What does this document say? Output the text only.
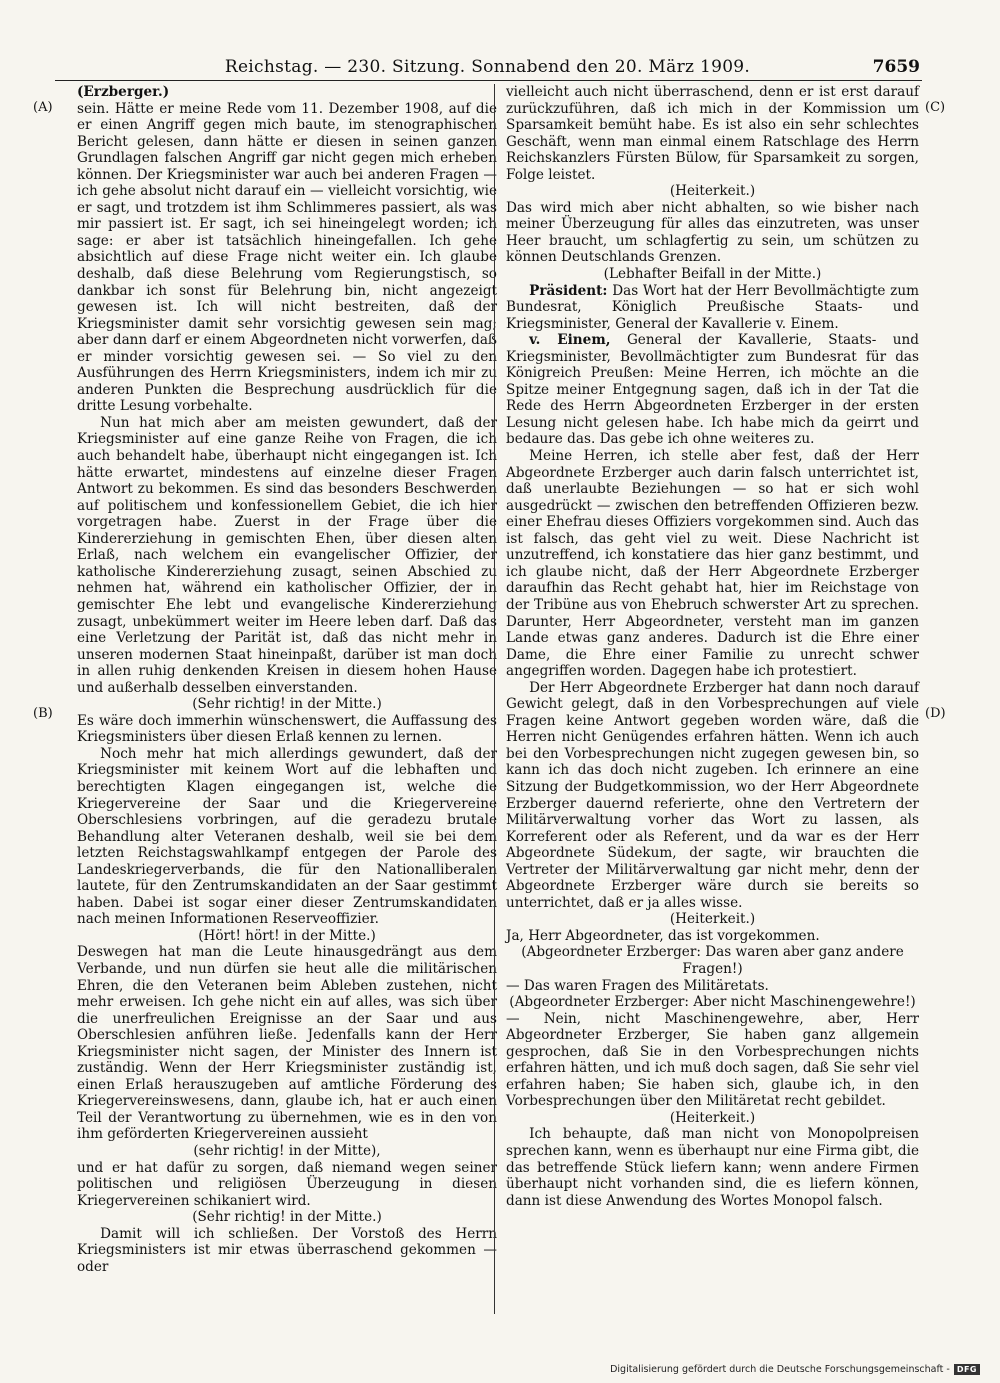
Reichstag. — 230. Sitzung. Sonnabend den 20. März 1909.	7659
(A)
(B)
(C)
(D)

(Erzberger.)

sein. Hätte er meine Rede vom 11. Dezember 1908, auf die er einen Angriff gegen mich baute, im stenographischen Bericht gelesen, dann hätte er diesen in seinen ganzen Grundlagen falschen Angriff gar nicht gegen mich erheben können. Der Kriegsminister war auch bei anderen Fragen — ich gehe absolut nicht darauf ein — vielleicht vorsichtig, wie er sagt, und trotzdem ist ihm Schlimmeres passiert, als was mir passiert ist. Er sagt, ich sei hineingelegt worden; ich sage: er aber ist tatsächlich hineingefallen. Ich gehe absichtlich auf diese Frage nicht weiter ein. Ich glaube deshalb, daß diese Belehrung vom Regierungstisch, so dankbar ich sonst für Belehrung bin, nicht angezeigt gewesen ist. Ich will nicht bestreiten, daß der Kriegsminister damit sehr vorsichtig gewesen sein mag; aber dann darf er einem Abgeordneten nicht vorwerfen, daß er minder vorsichtig gewesen sei. — So viel zu den Ausführungen des Herrn Kriegsministers, indem ich mir zu anderen Punkten die Besprechung ausdrücklich für die dritte Lesung vorbehalte.

Nun hat mich aber am meisten gewundert, daß der Kriegsminister auf eine ganze Reihe von Fragen, die ich auch behandelt habe, überhaupt nicht eingegangen ist. Ich hätte erwartet, mindestens auf einzelne dieser Fragen Antwort zu bekommen. Es sind das besonders Beschwerden auf politischem und konfessionellem Gebiet, die ich hier vorgetragen habe. Zuerst in der Frage über die Kindererziehung in gemischten Ehen, über diesen alten Erlaß, nach welchem ein evangelischer Offizier, der katholische Kindererziehung zusagt, seinen Abschied zu nehmen hat, während ein katholischer Offizier, der in gemischter Ehe lebt und evangelische Kindererziehung zusagt, unbekümmert weiter im Heere leben darf. Daß das eine Verletzung der Parität ist, daß das nicht mehr in unseren modernen Staat hineinpaßt, darüber ist man doch in allen ruhig denkenden Kreisen in diesem hohen Hause und außerhalb desselben einverstanden.

(Sehr richtig! in der Mitte.)

Es wäre doch immerhin wünschenswert, die Auffassung des Kriegsministers über diesen Erlaß kennen zu lernen.

Noch mehr hat mich allerdings gewundert, daß der Kriegsminister mit keinem Wort auf die lebhaften und berechtigten Klagen eingegangen ist, welche die Kriegervereine der Saar und die Kriegervereine Oberschlesiens vorbringen, auf die geradezu brutale Behandlung alter Veteranen deshalb, weil sie bei dem letzten Reichstagswahlkampf entgegen der Parole des Landeskriegerverbands, die für den Nationalliberalen lautete, für den Zentrumskandidaten an der Saar gestimmt haben. Dabei ist sogar einer dieser Zentrumskandidaten nach meinen Informationen Reserveoffizier.

(Hört! hört! in der Mitte.)

Deswegen hat man die Leute hinausgedrängt aus dem Verbande, und nun dürfen sie heut alle die militärischen Ehren, die den Veteranen beim Ableben zustehen, nicht mehr erweisen. Ich gehe nicht ein auf alles, was sich über die unerfreulichen Ereignisse an der Saar und aus Oberschlesien anführen ließe. Jedenfalls kann der Herr Kriegsminister nicht sagen, der Minister des Innern ist zuständig. Wenn der Herr Kriegsminister zuständig ist, einen Erlaß herauszugeben auf amtliche Förderung des Kriegervereinswesens, dann, glaube ich, hat er auch einen Teil der Verantwortung zu übernehmen, wie es in den von ihm geförderten Kriegervereinen aussieht

(sehr richtig! in der Mitte),

und er hat dafür zu sorgen, daß niemand wegen seiner politischen und religiösen Überzeugung in diesen Kriegervereinen schikaniert wird.

(Sehr richtig! in der Mitte.)

Damit will ich schließen. Der Vorstoß des Herrn Kriegsministers ist mir etwas überraschend gekommen — oder

vielleicht auch nicht überraschend, denn er ist erst darauf zurückzuführen, daß ich mich in der Kommission um Sparsamkeit bemüht habe. Es ist also ein sehr schlechtes Geschäft, wenn man einmal einem Ratschlage des Herrn Reichskanzlers Fürsten Bülow, für Sparsamkeit zu sorgen, Folge leistet.

(Heiterkeit.)

Das wird mich aber nicht abhalten, so wie bisher nach meiner Überzeugung für alles das einzutreten, was unser Heer braucht, um schlagfertig zu sein, um schützen zu können Deutschlands Grenzen.

(Lebhafter Beifall in der Mitte.)

Präsident: Das Wort hat der Herr Bevollmächtigte zum Bundesrat, Königlich Preußische Staats- und Kriegsminister, General der Kavallerie v. Einem.

v. Einem, General der Kavallerie, Staats- und Kriegsminister, Bevollmächtigter zum Bundesrat für das Königreich Preußen: Meine Herren, ich möchte an die Spitze meiner Entgegnung sagen, daß ich in der Tat die Rede des Herrn Abgeordneten Erzberger in der ersten Lesung nicht gelesen habe. Ich habe mich da geirrt und bedaure das. Das gebe ich ohne weiteres zu.

Meine Herren, ich stelle aber fest, daß der Herr Abgeordnete Erzberger auch darin falsch unterrichtet ist, daß unerlaubte Beziehungen — so hat er sich wohl ausgedrückt — zwischen den betreffenden Offizieren bezw. einer Ehefrau dieses Offiziers vorgekommen sind. Auch das ist falsch, das geht viel zu weit. Diese Nachricht ist unzutreffend, ich konstatiere das hier ganz bestimmt, und ich glaube nicht, daß der Herr Abgeordnete Erzberger daraufhin das Recht gehabt hat, hier im Reichstage von der Tribüne aus von Ehebruch schwerster Art zu sprechen. Darunter, Herr Abgeordneter, versteht man im ganzen Lande etwas ganz anderes. Dadurch ist die Ehre einer Dame, die Ehre einer Familie zu unrecht schwer angegriffen worden. Dagegen habe ich protestiert.

Der Herr Abgeordnete Erzberger hat dann noch darauf Gewicht gelegt, daß in den Vorbesprechungen auf viele Fragen keine Antwort gegeben worden wäre, daß die Herren nicht Genügendes erfahren hätten. Wenn ich auch bei den Vorbesprechungen nicht zugegen gewesen bin, so kann ich das doch nicht zugeben. Ich erinnere an eine Sitzung der Budgetkommission, wo der Herr Abgeordnete Erzberger dauernd referierte, ohne den Vertretern der Militärverwaltung vorher das Wort zu lassen, als Korreferent oder als Referent, und da war es der Herr Abgeordnete Südekum, der sagte, wir brauchten die Vertreter der Militärverwaltung gar nicht mehr, denn der Abgeordnete Erzberger wäre durch sie bereits so unterrichtet, daß er ja alles wisse.

(Heiterkeit.)

Ja, Herr Abgeordneter, das ist vorgekommen.

(Abgeordneter Erzberger: Das waren aber ganz andere Fragen!)

— Das waren Fragen des Militäretats.

(Abgeordneter Erzberger: Aber nicht Maschinengewehre!)

— Nein, nicht Maschinengewehre, aber, Herr Abgeordneter Erzberger, Sie haben ganz allgemein gesprochen, daß Sie in den Vorbesprechungen nichts erfahren hätten, und ich muß doch sagen, daß Sie sehr viel erfahren haben; Sie haben sich, glaube ich, in den Vorbesprechungen über den Militäretat recht gebildet.

(Heiterkeit.)

Ich behaupte, daß man nicht von Monopolpreisen sprechen kann, wenn es überhaupt nur eine Firma gibt, die das betreffende Stück liefern kann; wenn andere Firmen überhaupt nicht vorhanden sind, die es liefern können, dann ist diese Anwendung des Wortes Monopol falsch.

Digitalisierung gefördert durch die Deutsche Forschungsgemeinschaft - DFG
